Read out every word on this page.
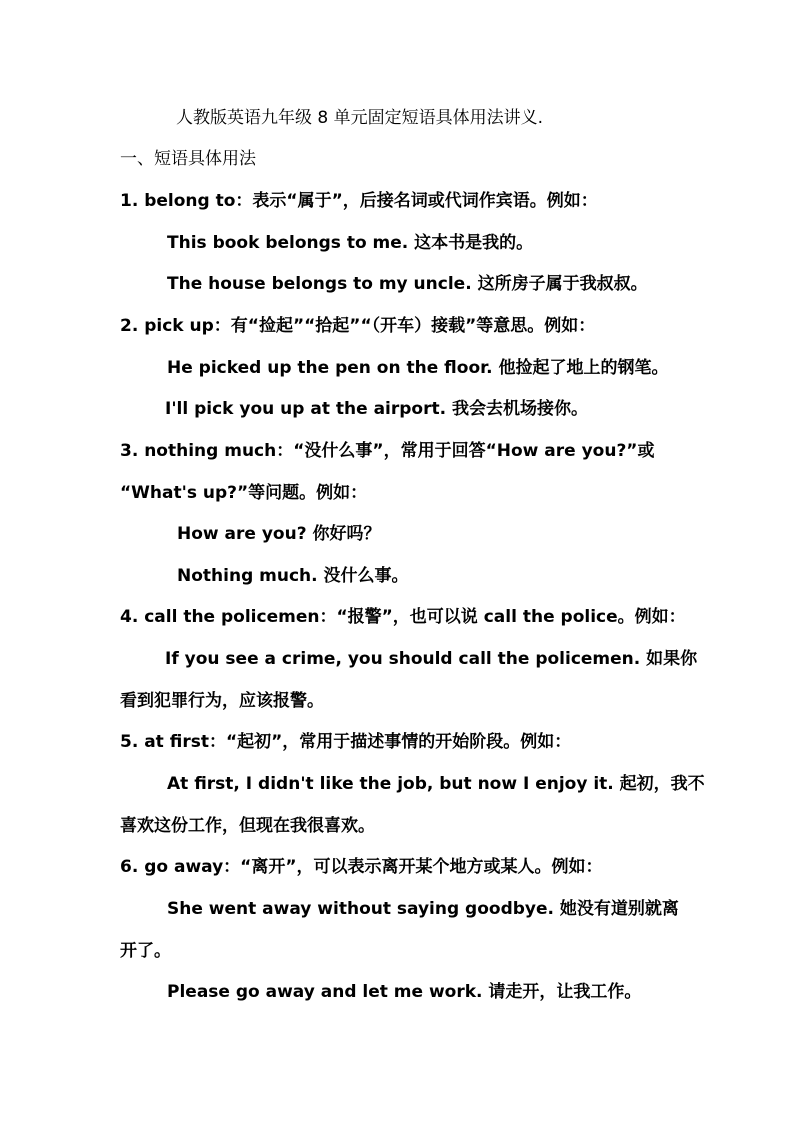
人教版英语九年级 8 单元固定短语具体用法讲义.
一、短语具体用法
1. belong to：表示“属于”，后接名词或代词作宾语。例如：
This book belongs to me. 这本书是我的。
The house belongs to my uncle. 这所房子属于我叔叔。
2. pick up：有“捡起”“拾起”“（开车）接载”等意思。例如：
He picked up the pen on the floor. 他捡起了地上的钢笔。
I'll pick you up at the airport. 我会去机场接你。
3. nothing much：“没什么事”，常用于回答“How are you?”或
“What's up?”等问题。例如：
How are you? 你好吗？
Nothing much. 没什么事。
4. call the policemen：“报警”，也可以说 call the police。例如：
If you see a crime, you should call the policemen. 如果你
看到犯罪行为，应该报警。
5. at first：“起初”，常用于描述事情的开始阶段。例如：
At first, I didn't like the job, but now I enjoy it. 起初，我不
喜欢这份工作，但现在我很喜欢。
6. go away：“离开”，可以表示离开某个地方或某人。例如：
She went away without saying goodbye. 她没有道别就离
开了。
Please go away and let me work. 请走开，让我工作。
